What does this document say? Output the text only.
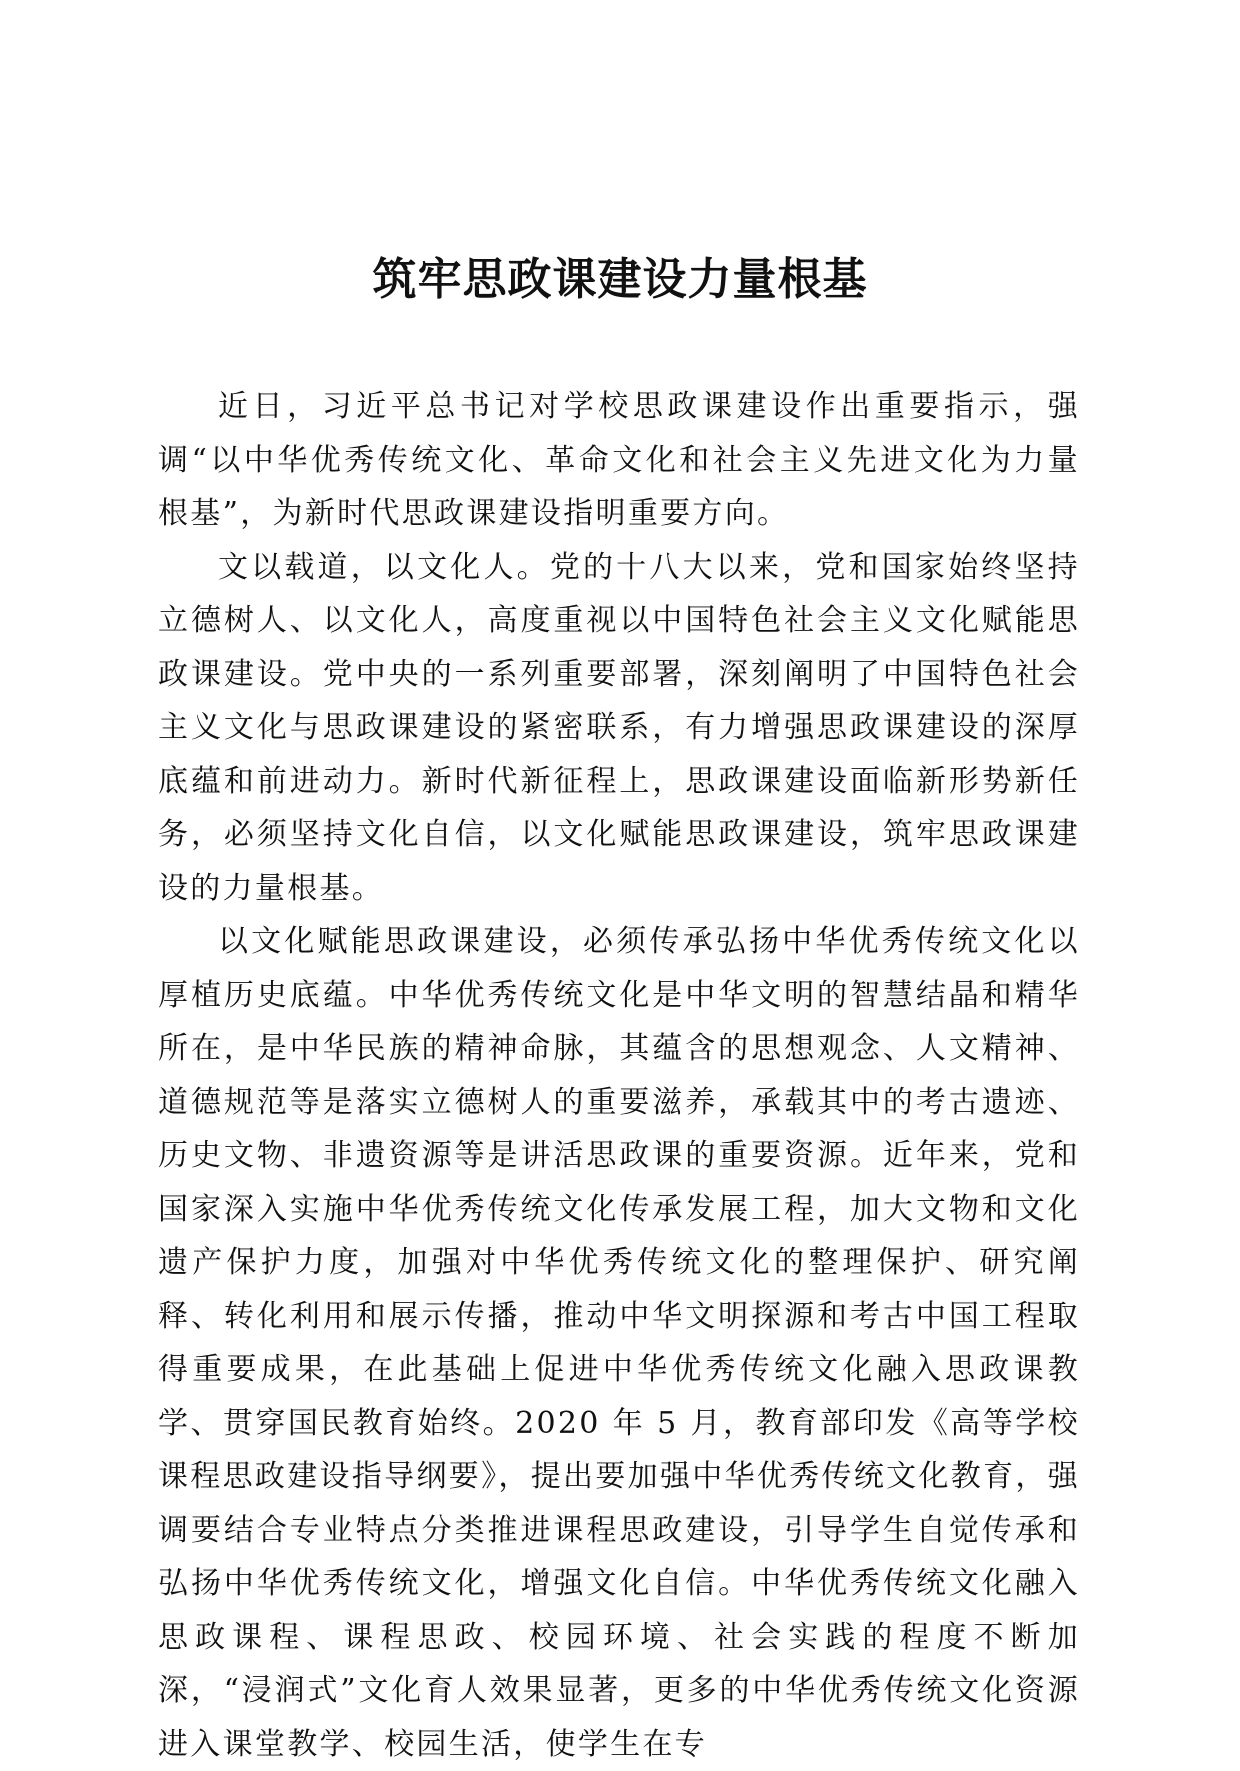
筑牢思政课建设力量根基

近日，习近平总书记对学校思政课建设作出重要指示，强调“以中华优秀传统文化、革命文化和社会主义先进文化为力量根基”，为新时代思政课建设指明重要方向。

文以载道，以文化人。党的十八大以来，党和国家始终坚持立德树人、以文化人，高度重视以中国特色社会主义文化赋能思政课建设。党中央的一系列重要部署，深刻阐明了中国特色社会主义文化与思政课建设的紧密联系，有力增强思政课建设的深厚底蕴和前进动力。新时代新征程上，思政课建设面临新形势新任务，必须坚持文化自信，以文化赋能思政课建设，筑牢思政课建设的力量根基。

以文化赋能思政课建设，必须传承弘扬中华优秀传统文化以厚植历史底蕴。中华优秀传统文化是中华文明的智慧结晶和精华所在，是中华民族的精神命脉，其蕴含的思想观念、人文精神、道德规范等是落实立德树人的重要滋养，承载其中的考古遗迹、历史文物、非遗资源等是讲活思政课的重要资源。近年来，党和国家深入实施中华优秀传统文化传承发展工程，加大文物和文化遗产保护力度，加强对中华优秀传统文化的整理保护、研究阐释、转化利用和展示传播，推动中华文明探源和考古中国工程取得重要成果，在此基础上促进中华优秀传统文化融入思政课教学、贯穿国民教育始终。2020 年 5 月，教育部印发《高等学校课程思政建设指导纲要》，提出要加强中华优秀传统文化教育，强调要结合专业特点分类推进课程思政建设，引导学生自觉传承和弘扬中华优秀传统文化，增强文化自信。中华优秀传统文化融入思政课程、课程思政、校园环境、社会实践的程度不断加深，“浸润式”文化育人效果显著，更多的中华优秀传统文化资源进入课堂教学、校园生活，使学生在专
